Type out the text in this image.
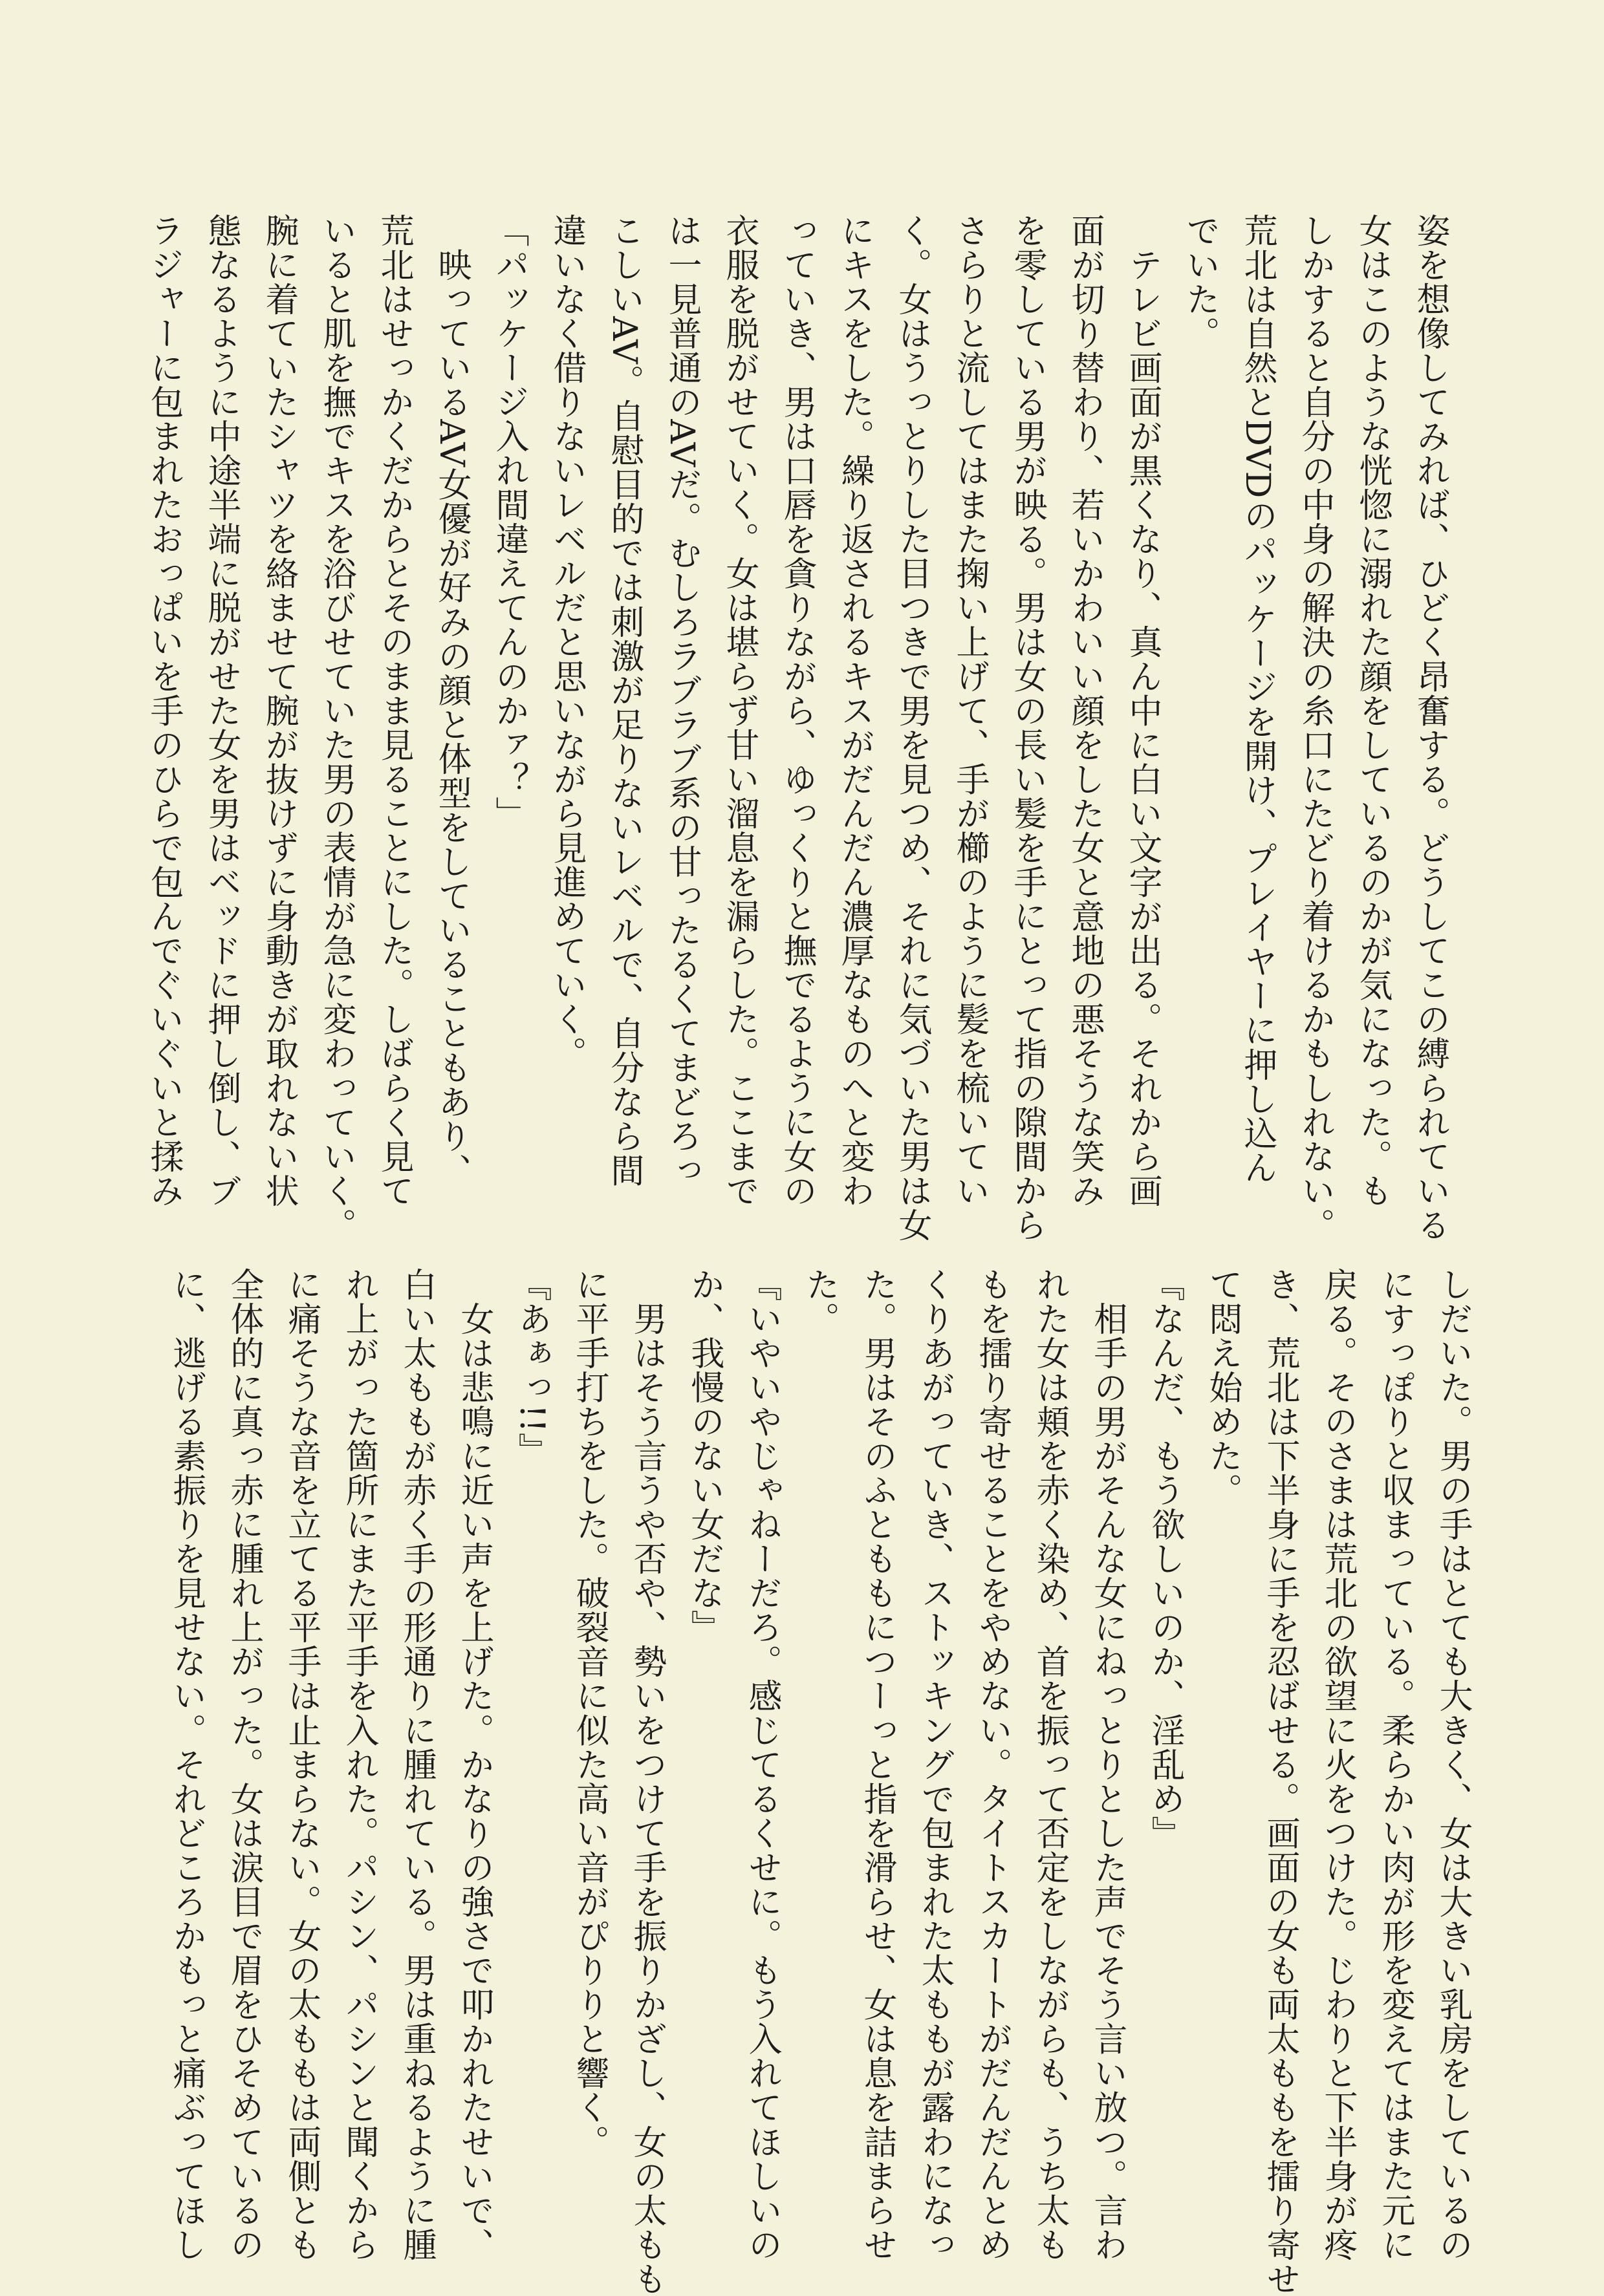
姿を想像してみれば、ひどく昂奮する。どうしてこの縛られている
女はこのような恍惚に溺れた顔をしているのかが気になった。も
しかすると自分の中身の解決の糸口にたどり着けるかもしれない。
荒北は自然とDVDのパッケージを開け、プレイヤーに押し込ん
でいた。
　テレビ画面が黒くなり、真ん中に白い文字が出る。それから画
面が切り替わり、若いかわいい顔をした女と意地の悪そうな笑み
を零している男が映る。男は女の長い髪を手にとって指の隙間から
さらりと流してはまた掬い上げて、手が櫛のように髪を梳いてい
く。女はうっとりした目つきで男を見つめ、それに気づいた男は女
にキスをした。繰り返されるキスがだんだん濃厚なものへと変わ
っていき、男は口唇を貪りながら、ゆっくりと撫でるように女の
衣服を脱がせていく。女は堪らず甘い溜息を漏らした。ここまで
は一見普通のAVだ。むしろラブラブ系の甘ったるくてまどろっ
こしいAV。自慰目的では刺激が足りないレベルで、自分なら間
違いなく借りないレベルだと思いながら見進めていく。
「パッケージ入れ間違えてんのかァ？」
　映っているAV女優が好みの顔と体型をしていることもあり、
荒北はせっかくだからとそのまま見ることにした。しばらく見て
いると肌を撫でキスを浴びせていた男の表情が急に変わっていく。
腕に着ていたシャツを絡ませて腕が抜けずに身動きが取れない状
態なるように中途半端に脱がせた女を男はベッドに押し倒し、ブ
ラジャーに包まれたおっぱいを手のひらで包んでぐいぐいと揉み
しだいた。男の手はとても大きく、女は大きい乳房をしているの
にすっぽりと収まっている。柔らかい肉が形を変えてはまた元に
戻る。そのさまは荒北の欲望に火をつけた。じわりと下半身が疼
き、荒北は下半身に手を忍ばせる。画面の女も両太ももを擂り寄せ
て悶え始めた。
『なんだ、もう欲しいのか、淫乱め』
　相手の男がそんな女にねっとりとした声でそう言い放つ。言わ
れた女は頬を赤く染め、首を振って否定をしながらも、うち太も
もを擂り寄せることをやめない。タイトスカートがだんだんとめ
くりあがっていき、ストッキングで包まれた太ももが露わになっ
た。男はそのふとももにつーっと指を滑らせ、女は息を詰まらせ
た。
『いやいやじゃねーだろ。感じてるくせに。もう入れてほしいの
か、我慢のない女だな』
　男はそう言うや否や、勢いをつけて手を振りかざし、女の太もも
に平手打ちをした。破裂音に似た高い音がぴりりと響く。
『あぁっ!!』
　女は悲鳴に近い声を上げた。かなりの強さで叩かれたせいで、
白い太ももが赤く手の形通りに腫れている。男は重ねるように腫
れ上がった箇所にまた平手を入れた。パシン、パシンと聞くから
に痛そうな音を立てる平手は止まらない。女の太ももは両側とも
全体的に真っ赤に腫れ上がった。女は涙目で眉をひそめているの
に、逃げる素振りを見せない。それどころかもっと痛ぶってほし
